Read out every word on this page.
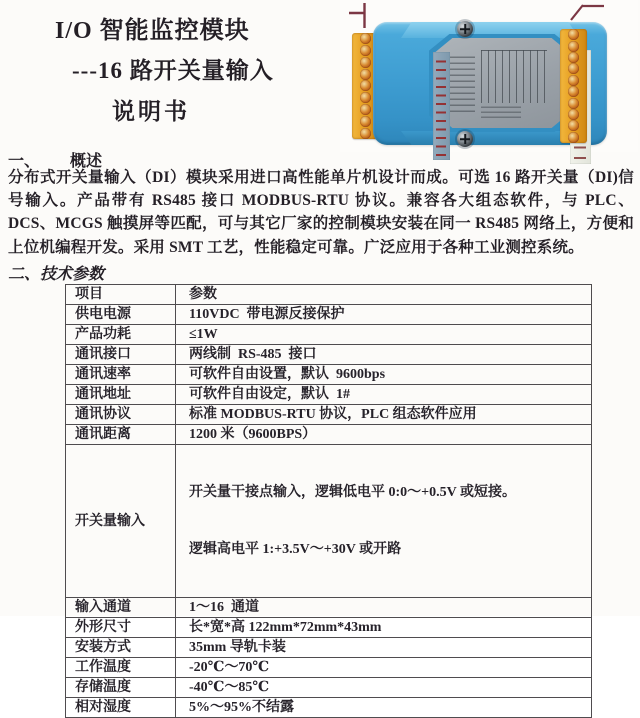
I/O 智能监控模块
---16 路开关量输入
说明书
一、 概述

分布式开关量输入（DI）模块采用进口高性能单片机设计而成。可选 16 路开关量（DI)信号输入。产品带有 RS485 接口 MODBUS-RTU 协议。兼容各大组态软件，与 PLC、DCS、MCGS 触摸屏等匹配，可与其它厂家的控制模块安装在同一 RS485 网络上，方便和上位机编程开发。采用 SMT 工艺，性能稳定可靠。广泛应用于各种工业测控系统。

二、技术参数
项目	参数
供电电源	110VDC  带电源反接保护
产品功耗	≤1W
通讯接口	两线制  RS-485  接口
通讯速率	可软件自由设置，默认  9600bps
通讯地址	可软件自由设定，默认  1#
通讯协议	标准 MODBUS-RTU 协议，PLC 组态软件应用
通讯距离	1200 米（9600BPS）
开关量输入	开关量干接点输入，逻辑低电平 0:0～+0.5V 或短接。

逻辑高电平 1:+3.5V～+30V 或开路

输入通道	1～16  通道
外形尺寸	长*宽*高 122mm*72mm*43mm
安装方式	35mm 导轨卡装
工作温度	-20℃～70℃
存储温度	-40℃～85℃
相对湿度	5%～95%不结露
